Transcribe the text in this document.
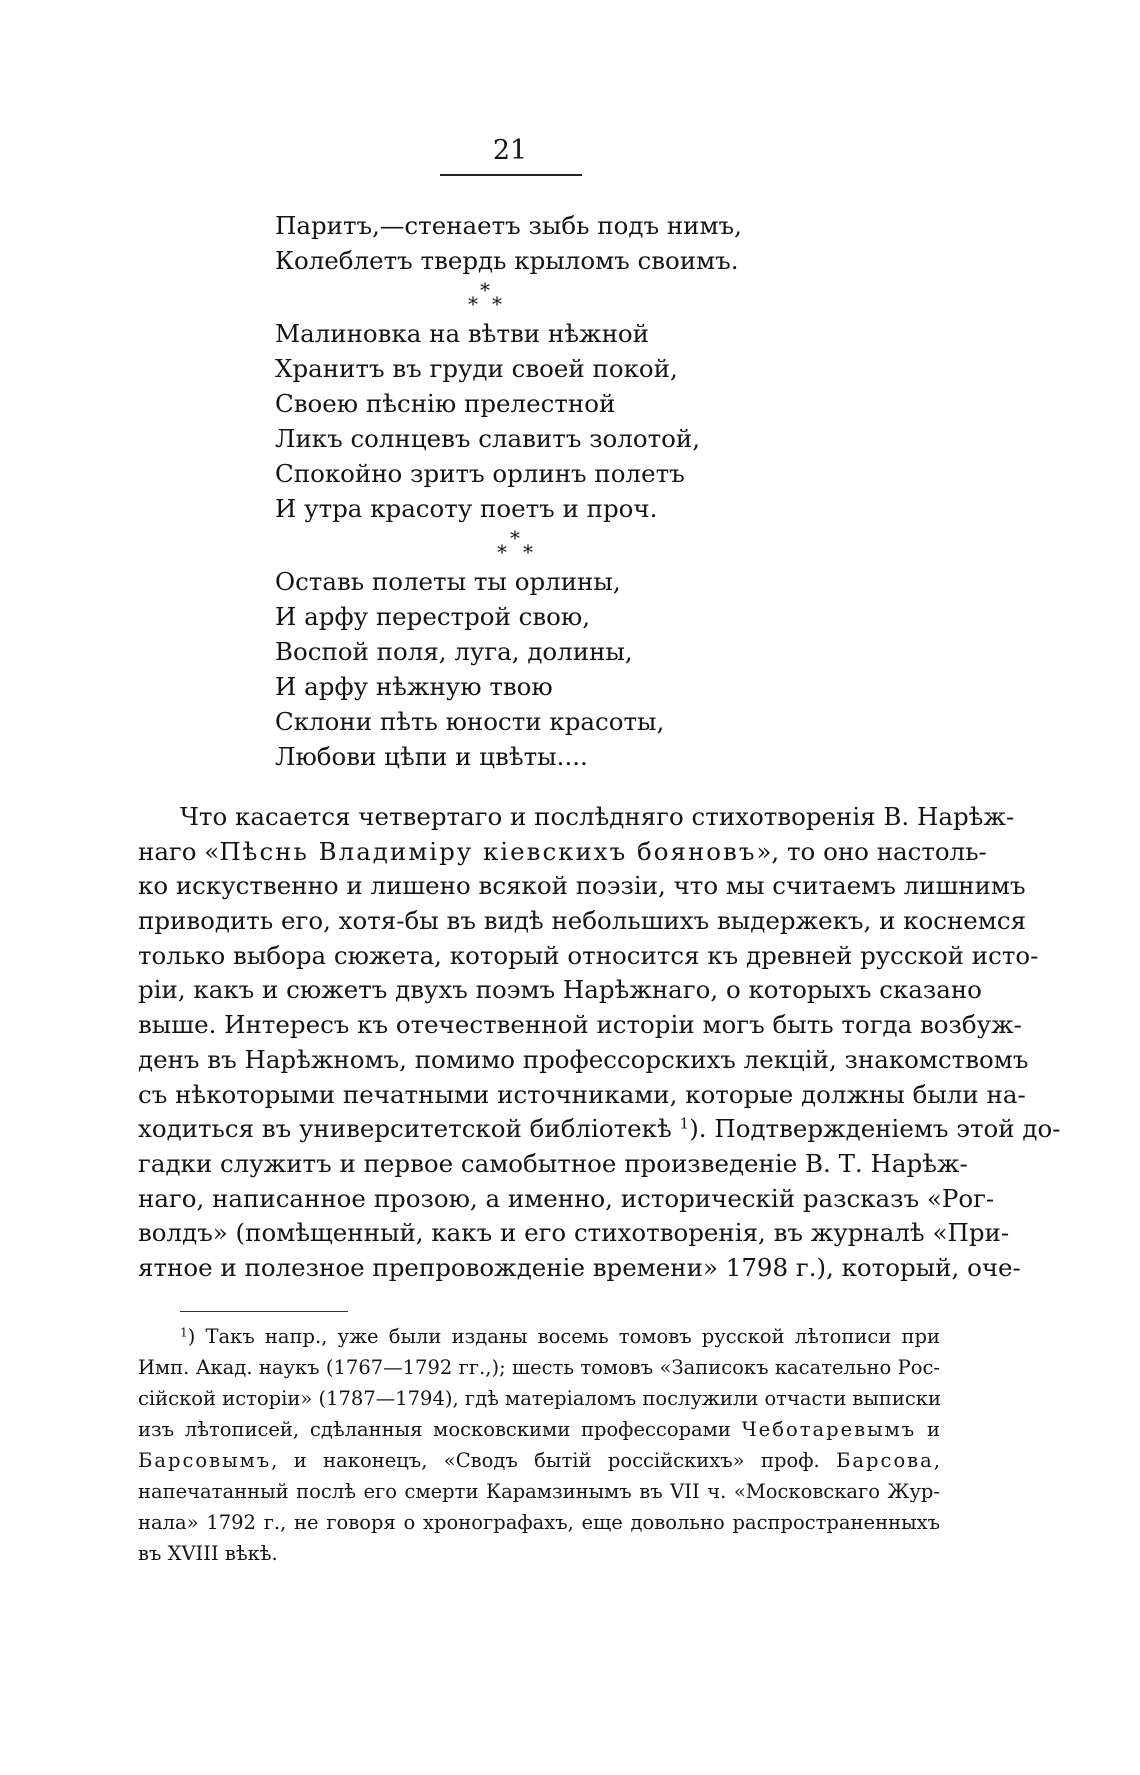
21
Паритъ,—стенаетъ зыбь подъ нимъ,
Колеблетъ твердь крыломъ своимъ.
*
* *
Малиновка на вѣтви нѣжной
Хранитъ въ груди своей покой,
Своею пѣснію прелестной
Ликъ солнцевъ славитъ золотой,
Спокойно зритъ орлинъ полетъ
И утра красоту поетъ и проч.
*
* *
Оставь полеты ты орлины,
И арфу перестрой свою,
Воспой поля, луга, долины,
И арфу нѣжную твою
Склони пѣть юности красоты,
Любови цѣпи и цвѣты....
Что касается четвертаго и послѣдняго стихотворенія В. Нарѣж-
наго «Пѣснь Владиміру кіевскихъ бояновъ», то оно настоль-
ко искуственно и лишено всякой поэзіи, что мы считаемъ лишнимъ
приводить его, хотя-бы въ видѣ небольшихъ выдержекъ, и коснемся
только выбора сюжета, который относится къ древней русской исто-
ріи, какъ и сюжетъ двухъ поэмъ Нарѣжнаго, о которыхъ сказано
выше. Интересъ къ отечественной исторіи могъ быть тогда возбуж-
денъ въ Нарѣжномъ, помимо профессорскихъ лекцій, знакомствомъ
съ нѣкоторыми печатными источниками, которые должны были на-
ходиться въ университетской библіотекѣ $^1$). Подтвержденіемъ этой до-
гадки служитъ и первое самобытное произведеніе В. Т. Нарѣж-
наго, написанное прозою, а именно, историческій разсказъ «Рог-
волдъ» (помѣщенный, какъ и его стихотворенія, въ журналѣ «При-
ятное и полезное препровожденіе времени» 1798 г.), который, оче-
$^1$) Такъ напр., уже были изданы восемь томовъ русской лѣтописи при
Имп. Акад. наукъ (1767—1792 гг.,); шесть томовъ «Записокъ касательно Рос-
сійской исторіи» (1787—1794), гдѣ матеріаломъ послужили отчасти выписки
изъ лѣтописей, сдѣланныя московскими профессорами Чеботаревымъ и
Барсовымъ, и наконецъ, «Сводъ бытій россійскихъ» проф. Барсова,
напечатанный послѣ его смерти Карамзинымъ въ VII ч. «Московскаго Жур-
нала» 1792 г., не говоря о хронографахъ, еще довольно распространенныхъ
въ XVIII вѣкѣ.
